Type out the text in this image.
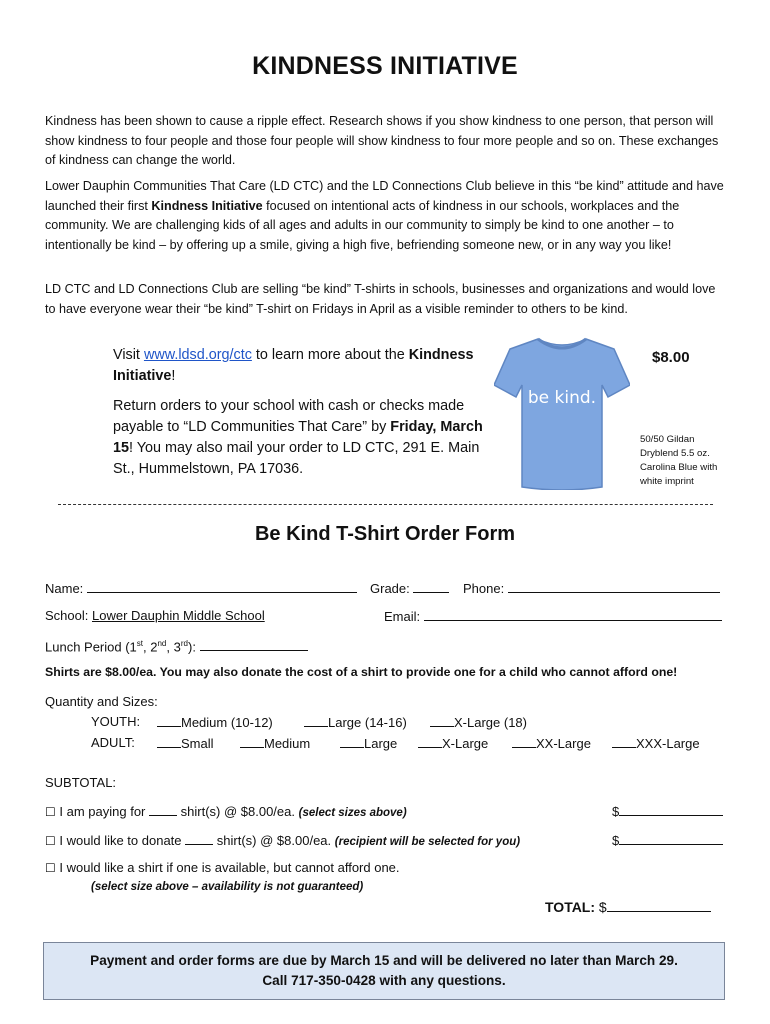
KINDNESS INITIATIVE

Kindness has been shown to cause a ripple effect. Research shows if you show kindness to one person, that person will show kindness to four people and those four people will show kindness to four more people and so on. These exchanges of kindness can change the world.

Lower Dauphin Communities That Care (LD CTC) and the LD Connections Club believe in this “be kind” attitude and have launched their first Kindness Initiative focused on intentional acts of kindness in our schools, workplaces and the community. We are challenging kids of all ages and adults in our community to simply be kind to one another – to intentionally be kind – by offering up a smile, giving a high five, befriending someone new, or in any way you like!

LD CTC and LD Connections Club are selling “be kind” T-shirts in schools, businesses and organizations and would love to have everyone wear their “be kind” T-shirt on Fridays in April as a visible reminder to others to be kind.

Visit www.ldsd.org/ctc to learn more about the Kindness Initiative!

Return orders to your school with cash or checks made payable to “LD Communities That Care” by Friday, March 15! You may also mail your order to LD CTC, 291 E. Main St., Hummelstown, PA 17036.

be kind.
$8.00

50/50 Gildan Dryblend 5.5 oz. Carolina Blue with white imprint

Be Kind T-Shirt Order Form
Name:	Grade:	Phone:
School: Lower Dauphin Middle School	Email:
Lunch Period (1st, 2nd, 3rd):
Shirts are $8.00/ea. You may also donate the cost of a shirt to provide one for a child who cannot afford one!
Quantity and Sizes:
YOUTH:	Medium (10-12)	Large (14-16)	X-Large (18)
ADULT:	Small	Medium	Large	X-Large	XX-Large	XXX-Large
SUBTOTAL:
☐ I am paying for	shirt(s) @ $8.00/ea. (select sizes above)	$
☐ I would like to donate	shirt(s) @ $8.00/ea. (recipient will be selected for you)	$
☐ I would like a shirt if one is available, but cannot afford one.
(select size above – availability is not guaranteed)
TOTAL: $
Payment and order forms are due by March 15 and will be delivered no later than March 29.
Call 717-350-0428 with any questions.
